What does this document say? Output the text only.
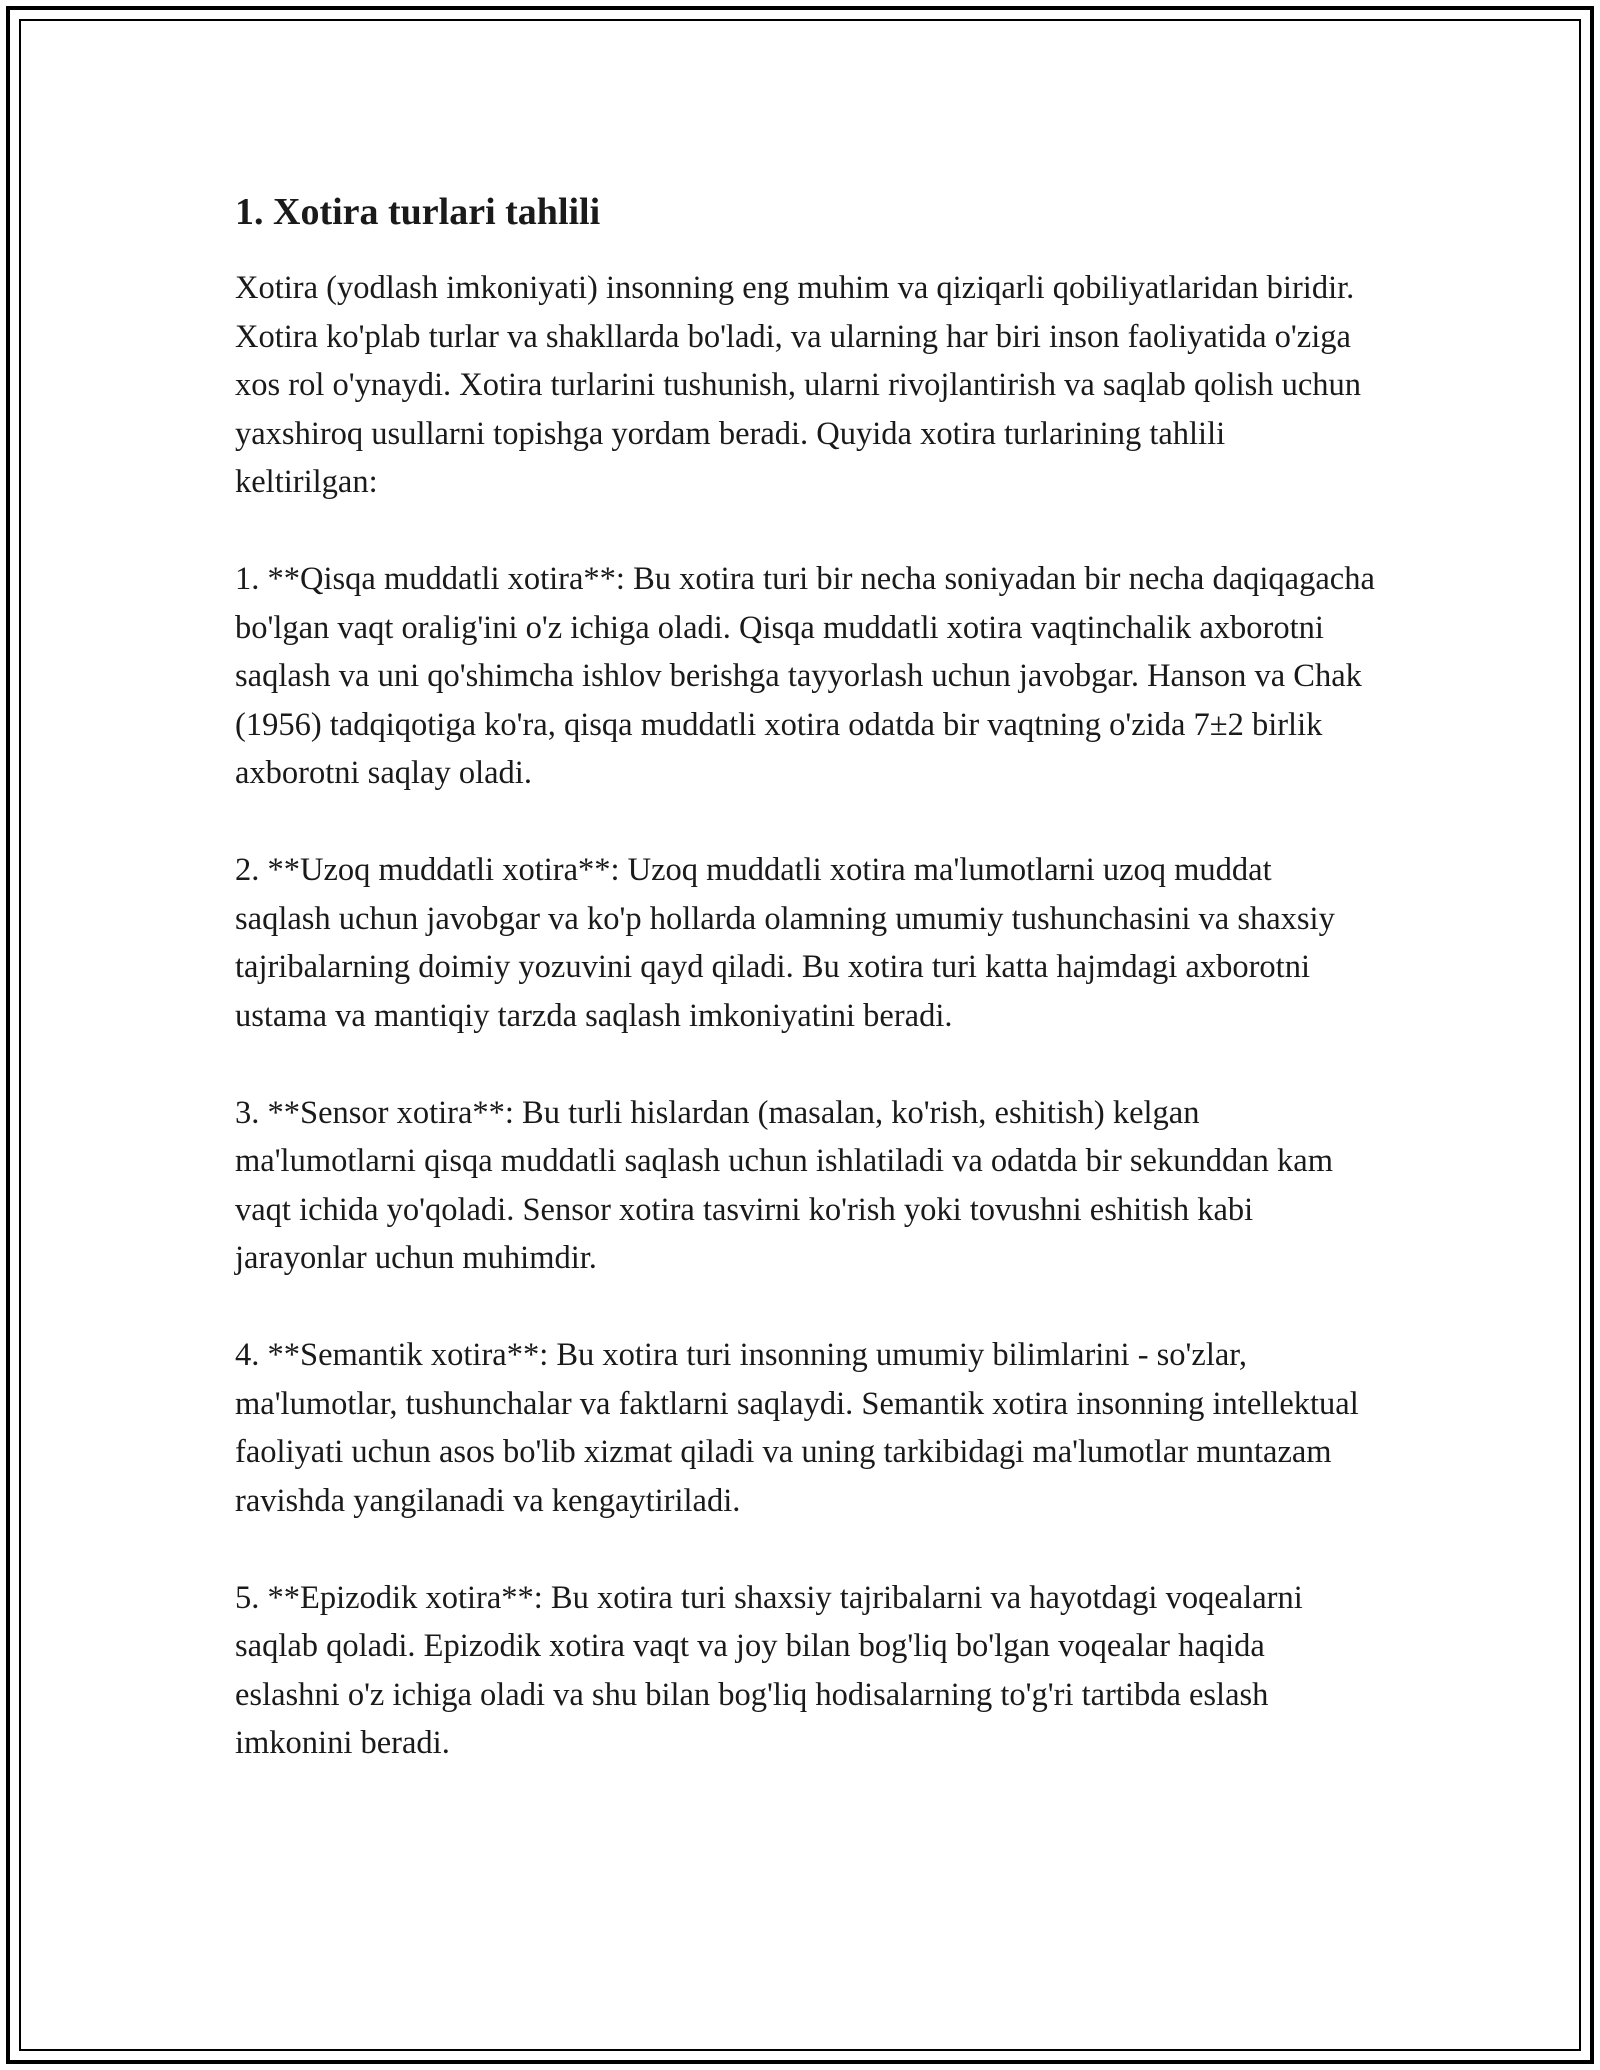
1. Xotira turlari tahlili

Xotira (yodlash imkoniyati) insonning eng muhim va qiziqarli qobiliyatlaridan biridir. Xotira ko'plab turlar va shakllarda bo'ladi, va ularning har biri inson faoliyatida o'ziga xos rol o'ynaydi. Xotira turlarini tushunish, ularni rivojlantirish va saqlab qolish uchun yaxshiroq usullarni topishga yordam beradi. Quyida xotira turlarining tahlili keltirilgan:

1. **Qisqa muddatli xotira**: Bu xotira turi bir necha soniyadan bir necha daqiqagacha bo'lgan vaqt oralig'ini o'z ichiga oladi. Qisqa muddatli xotira vaqtinchalik axborotni saqlash va uni qo'shimcha ishlov berishga tayyorlash uchun javobgar. Hanson va Chak (1956) tadqiqotiga ko'ra, qisqa muddatli xotira odatda bir vaqtning o'zida 7±2 birlik axborotni saqlay oladi.

2. **Uzoq muddatli xotira**: Uzoq muddatli xotira ma'lumotlarni uzoq muddat saqlash uchun javobgar va ko'p hollarda olamning umumiy tushunchasini va shaxsiy tajribalarning doimiy yozuvini qayd qiladi. Bu xotira turi katta hajmdagi axborotni ustama va mantiqiy tarzda saqlash imkoniyatini beradi.

3. **Sensor xotira**: Bu turli hislardan (masalan, ko'rish, eshitish) kelgan ma'lumotlarni qisqa muddatli saqlash uchun ishlatiladi va odatda bir sekunddan kam vaqt ichida yo'qoladi. Sensor xotira tasvirni ko'rish yoki tovushni eshitish kabi jarayonlar uchun muhimdir.

4. **Semantik xotira**: Bu xotira turi insonning umumiy bilimlarini - so'zlar, ma'lumotlar, tushunchalar va faktlarni saqlaydi. Semantik xotira insonning intellektual faoliyati uchun asos bo'lib xizmat qiladi va uning tarkibidagi ma'lumotlar muntazam ravishda yangilanadi va kengaytiriladi.

5. **Epizodik xotira**: Bu xotira turi shaxsiy tajribalarni va hayotdagi voqealarni saqlab qoladi. Epizodik xotira vaqt va joy bilan bog'liq bo'lgan voqealar haqida eslashni o'z ichiga oladi va shu bilan bog'liq hodisalarning to'g'ri tartibda eslash imkonini beradi.
